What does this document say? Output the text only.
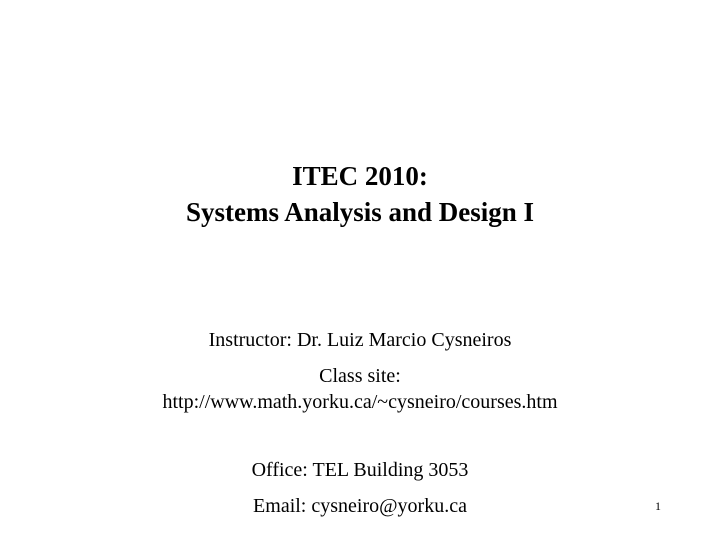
ITEC 2010:
Systems Analysis and Design I
Instructor: Dr. Luiz Marcio Cysneiros
Class site:
http://www.math.yorku.ca/~cysneiro/courses.htm
Office: TEL Building 3053
Email: cysneiro@yorku.ca	1
